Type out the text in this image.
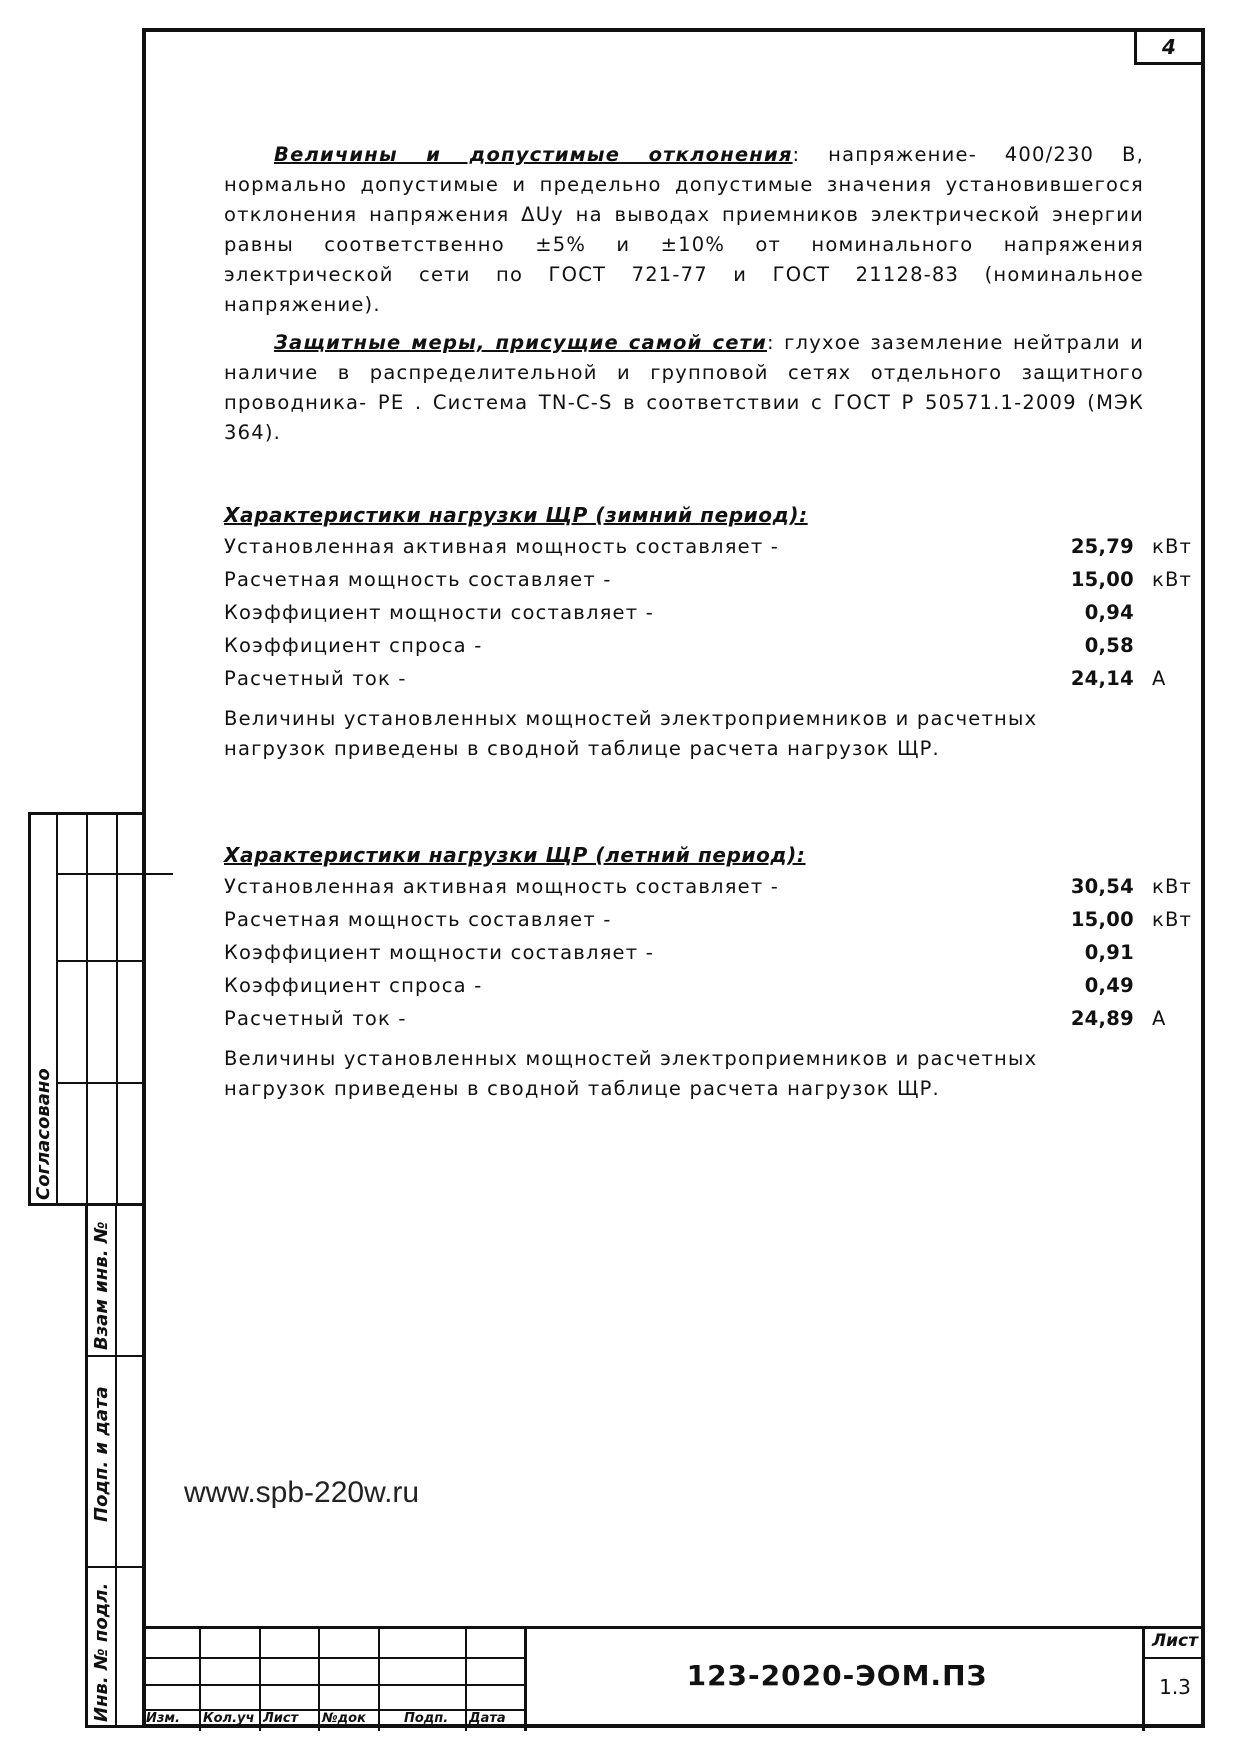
4
Величины и допустимые отклонения: напряжение- 400/230 В, нормально допустимые и предельно допустимые значения установившегося отклонения напряжения ΔUу на выводах приемников электрической энергии равны соответственно ±5% и ±10% от номинального напряжения электрической сети по ГОСТ 721-77 и ГОСТ 21128-83 (номинальное напряжение).
Защитные меры, присущие самой сети: глухое заземление нейтрали и наличие в распределительной и групповой сетях отдельного защитного проводника- PE . Система TN-C-S в соответствии с ГОСТ Р 50571.1-2009 (МЭК 364).
Характеристики нагрузки ЩР (зимний период):
Установленная активная мощность составляет -	25,79 кВт
Расчетная мощность составляет -	15,00 кВт
Коэффициент мощности составляет -	0,94
Коэффициент спроса -	0,58
Расчетный ток -	24,14 А
Величины установленных мощностей электроприемников и расчетных нагрузок приведены в сводной таблице расчета нагрузок ЩР.
Характеристики нагрузки ЩР (летний период):
Установленная активная мощность составляет -	30,54 кВт
Расчетная мощность составляет -	15,00 кВт
Коэффициент мощности составляет -	0,91
Коэффициент спроса -	0,49
Расчетный ток -	24,89 А
Величины установленных мощностей электроприемников и расчетных нагрузок приведены в сводной таблице расчета нагрузок ЩР.
www.spb-220w.ru
Согласовано
Взам инв. №
Подп. и дата
Инв. № подл.	Изм. Кол.уч Лист №док	Подп. Дата
123-2020-ЭОМ.ПЗ
Лист
1.3
